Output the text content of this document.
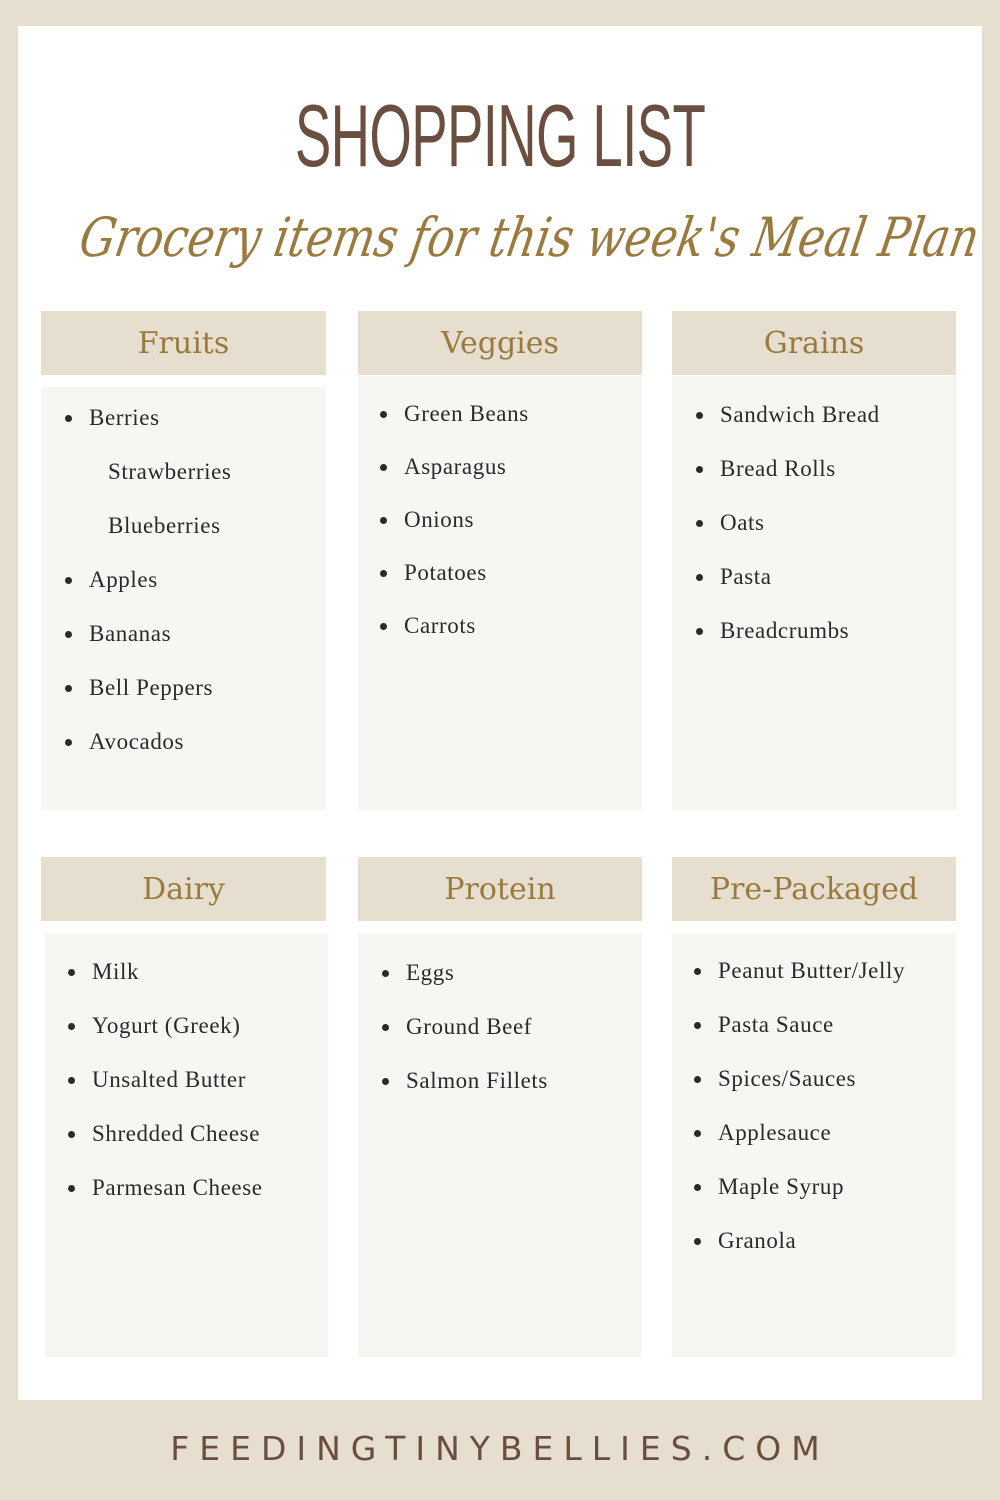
SHOPPING LIST
Grocery items for this week's Meal Plan
Fruits
Berries
Strawberries
Blueberries
Apples
Bananas
Bell Peppers
Avocados
Veggies
Green Beans
Asparagus
Onions
Potatoes
Carrots
Grains
Sandwich Bread
Bread Rolls
Oats
Pasta
Breadcrumbs
Dairy
Milk
Yogurt (Greek)
Unsalted Butter
Shredded Cheese
Parmesan Cheese
Protein
Eggs
Ground Beef
Salmon Fillets
Pre-Packaged
Peanut Butter/Jelly
Pasta Sauce
Spices/Sauces
Applesauce
Maple Syrup
Granola
FEEDINGTINYBELLIES.COM
